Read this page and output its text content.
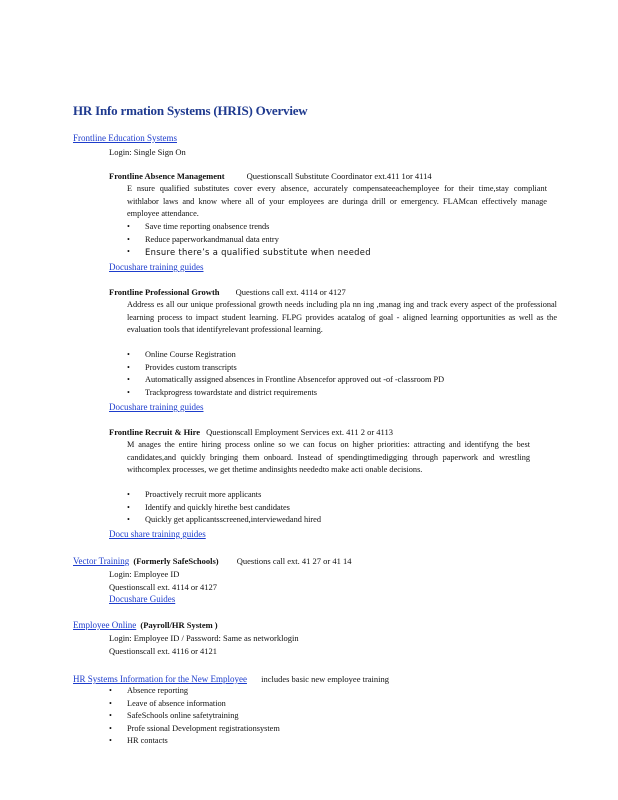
HR Info rmation Systems (HRIS) Overview
Frontline Education Systems
Login: Single Sign On
Frontline Absence Management	Questionscall Substitute Coordinator ext.411 1or 4114
E nsure qualified substitutes cover every absence, accurately compensateeachemployee for their time,stay compliant withlabor laws and know where all of your employees are duringa drill or emergency. FLAMcan effectively manage employee attendance.
• Save time reporting onabsence trends
• Reduce paperworkandmanual data entry
• Ensure there’s a qualified substitute when needed
Docushare training guides
Frontline Professional Growth Questions call ext. 4114 or 4127
Address es all our unique professional growth needs including pla nn ing ,manag ing and track every aspect of the professional learning process to impact student learning. FLPG provides acatalog of goal - aligned learning opportunities as well as the evaluation tools that identifyrelevant professional learning.
• Online Course Registration
• Provides custom transcripts
• Automatically assigned absences in Frontline Absencefor approved out -of -classroom PD
• Trackprogress towardstate and district requirements
Docushare training guides
Frontline Recruit & Hire Questionscall Employment Services ext. 411 2 or 4113
M anages the entire hiring process online so we can focus on higher priorities: attracting and identifyng the best candidates,and quickly bringing them onboard. Instead of spendingtimedigging through paperwork and wrestling withcomplex processes, we get thetime andinsights neededto make acti onable decisions.
• Proactively recruit more applicants
• Identify and quickly hirethe best candidates
• Quickly get applicantsscreened,interviewedand hired
Docu share training guides
Vector Training (Formerly SafeSchools) Questions call ext. 41 27 or 41 14
Login: Employee ID
Questionscall ext. 4114 or 4127
Docushare Guides
Employee Online (Payroll/HR System )
Login: Employee ID / Password: Same as networklogin
Questionscall ext. 4116 or 4121
HR Systems Information for the New Employee includes basic new employee training
• Absence reporting
• Leave of absence information
• SafeSchools online safetytraining
• Profe ssional Development registrationsystem
• HR contacts
